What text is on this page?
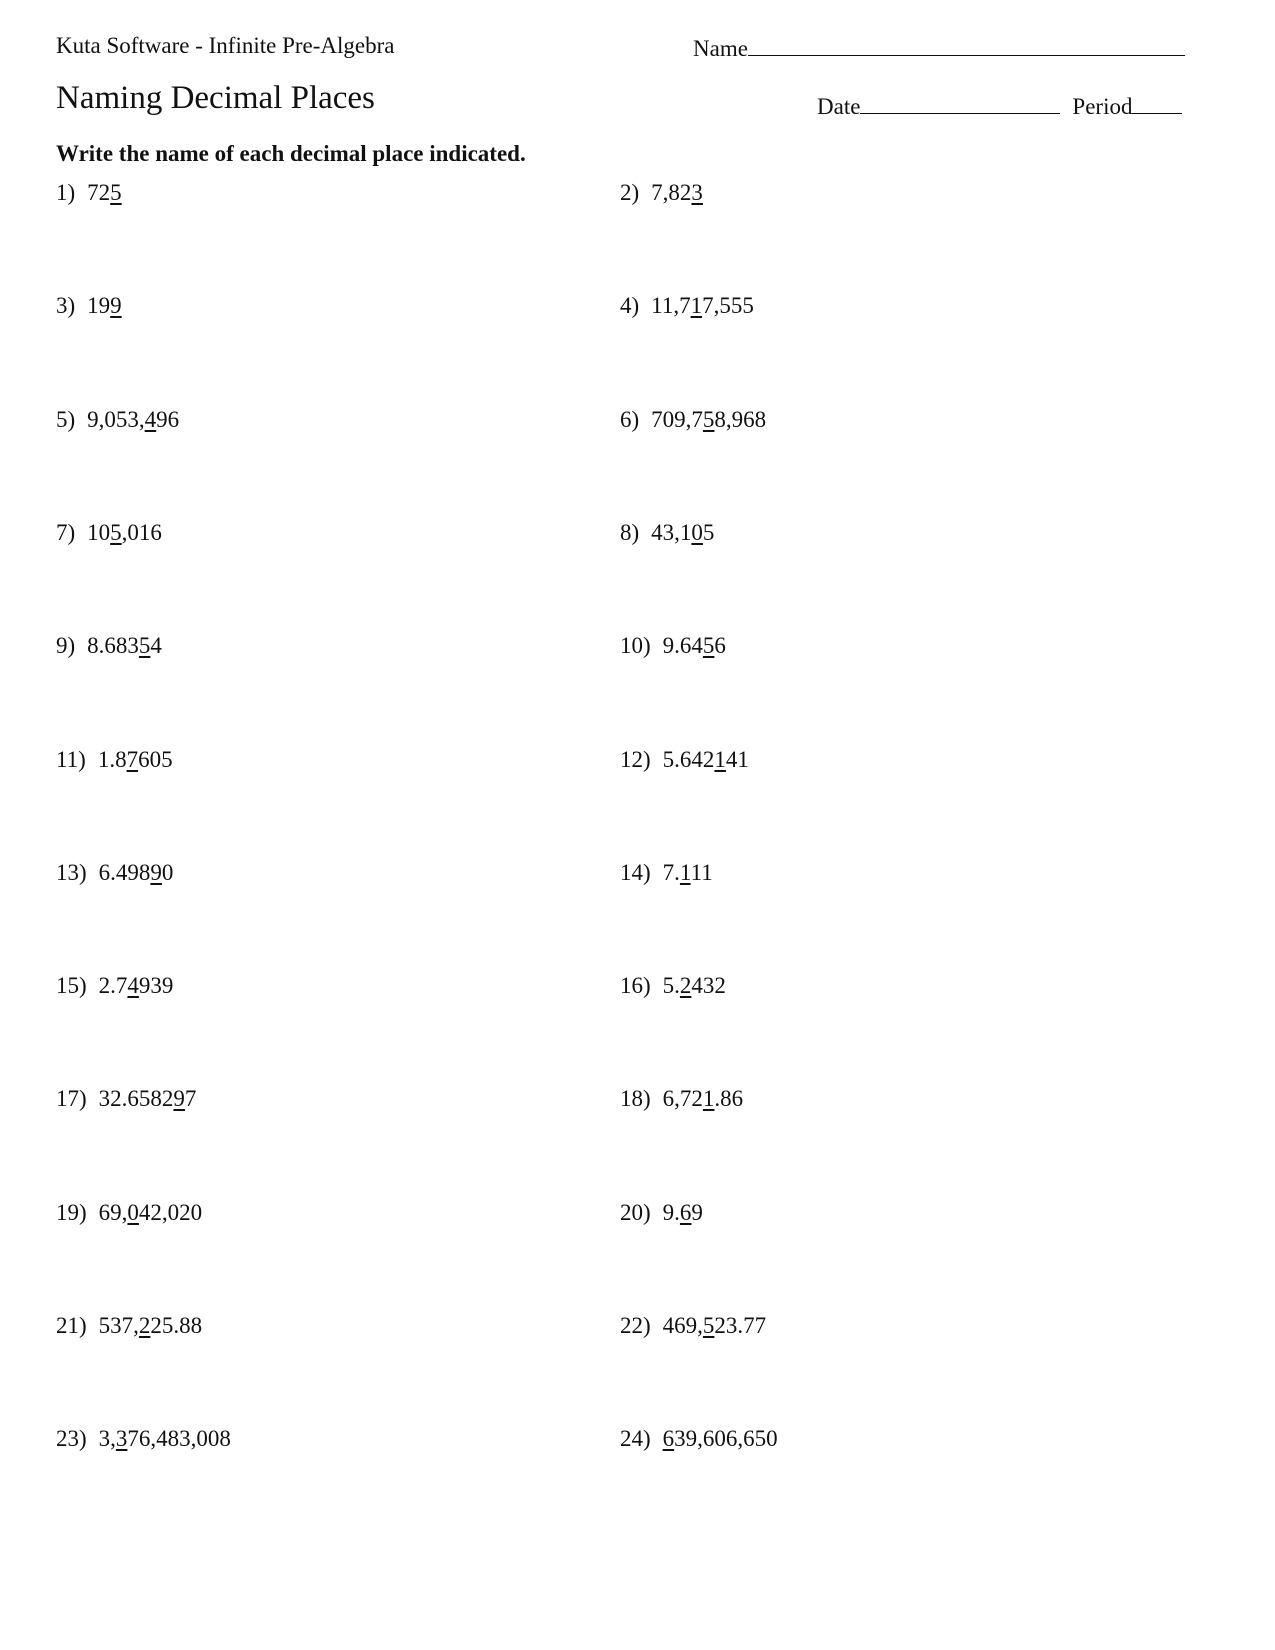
Kuta Software - Infinite Pre-Algebra	Name
Naming Decimal Places	Date	Period
Write the name of each decimal place indicated.
1) 725	2) 7,823
3) 199	4) 11,717,555
5) 9,053,496	6) 709,758,968
7) 105,016	8) 43,105
9) 8.68354	10) 9.6456
11) 1.87605	12) 5.642141
13) 6.49890	14) 7.111
15) 2.74939	16) 5.2432
17) 32.658297	18) 6,721.86
19) 69,042,020	20) 9.69
21) 537,225.88	22) 469,523.77
23) 3,376,483,008	24) 639,606,650
